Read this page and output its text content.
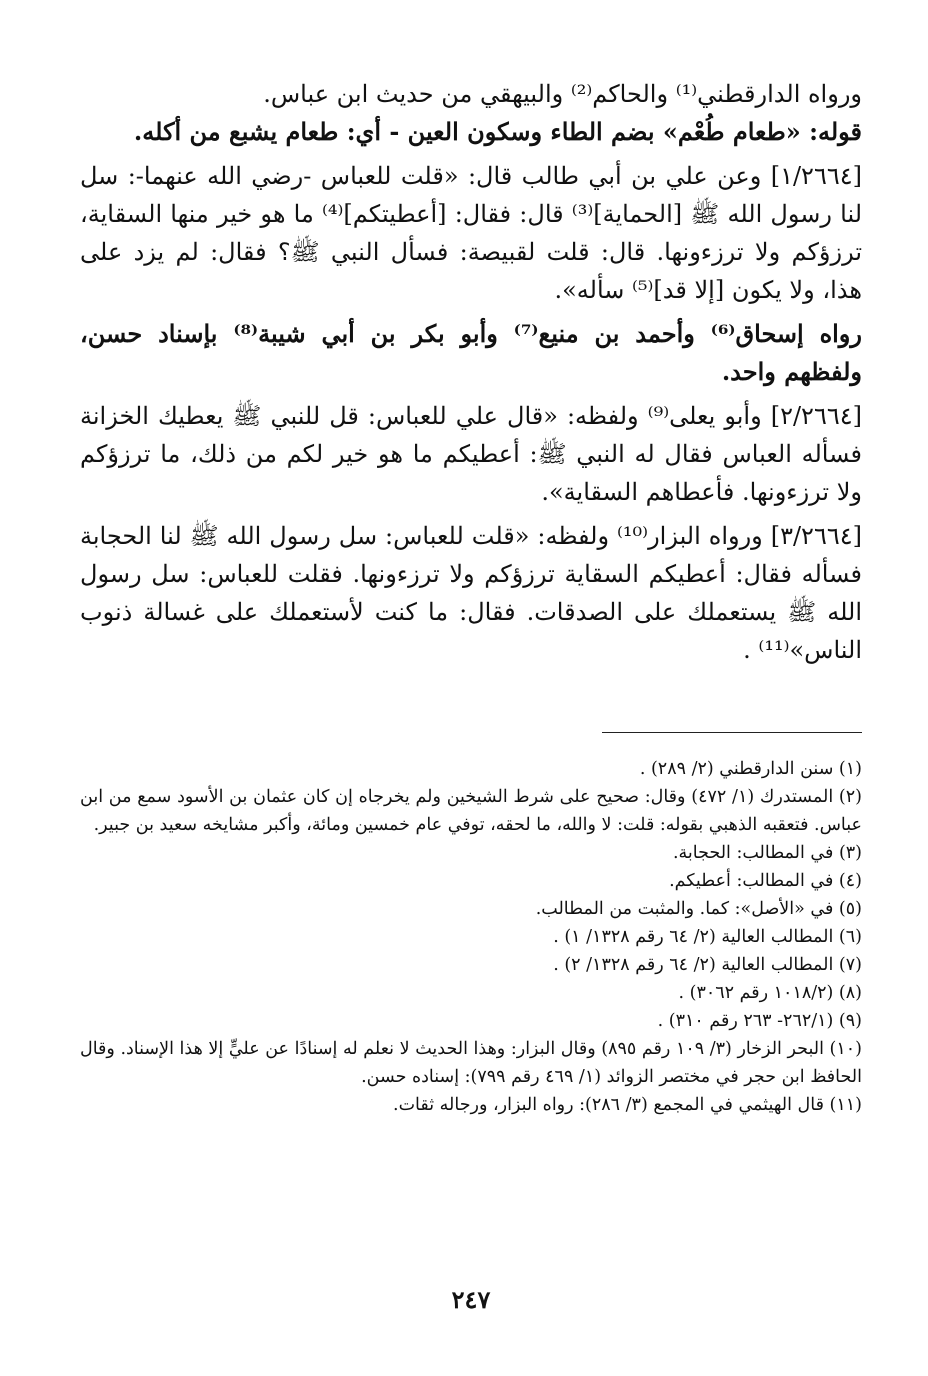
ورواه الدارقطني⁽¹⁾ والحاكم⁽²⁾ والبيهقي من حديث ابن عباس.

قوله: «طعام طُعْم» بضم الطاء وسكون العين - أي: طعام يشبع من أكله.

[١/٢٦٦٤] وعن علي بن أبي طالب قال: «قلت للعباس -رضي الله عنهما-: سل لنا رسول الله ﷺ [الحماية]⁽³⁾ قال: فقال: [أعطيتكم]⁽⁴⁾ ما هو خير منها السقاية، ترزؤكم ولا ترزءونها. قال: قلت لقبيصة: فسأل النبي ﷺ؟ فقال: لم يزد على هذا، ولا يكون [إلا قد]⁽⁵⁾ سأله».

رواه إسحاق⁽⁶⁾ وأحمد بن منيع⁽⁷⁾ وأبو بكر بن أبي شيبة⁽⁸⁾ بإسناد حسن، ولفظهم واحد.

[٢/٢٦٦٤] وأبو يعلى⁽⁹⁾ ولفظه: «قال علي للعباس: قل للنبي ﷺ يعطيك الخزانة فسأله العباس فقال له النبي ﷺ: أعطيكم ما هو خير لكم من ذلك، ما ترزؤكم ولا ترزءونها. فأعطاهم السقاية».

[٣/٢٦٦٤] ورواه البزار⁽¹⁰⁾ ولفظه: «قلت للعباس: سل رسول الله ﷺ لنا الحجابة فسأله فقال: أعطيكم السقاية ترزؤكم ولا ترزءونها. فقلت للعباس: سل رسول الله ﷺ يستعملك على الصدقات. فقال: ما كنت لأستعملك على غسالة ذنوب الناس»⁽¹¹⁾ .

(١) سنن الدارقطني (٢/ ٢٨٩) .

(٢) المستدرك (١/ ٤٧٢) وقال: صحيح على شرط الشيخين ولم يخرجاه إن كان عثمان بن الأسود سمع من ابن عباس. فتعقبه الذهبي بقوله: قلت: لا والله، ما لحقه، توفي عام خمسين ومائة، وأكبر مشايخه سعيد بن جبير.

(٣) في المطالب: الحجابة.

(٤) في المطالب: أعطيكم.

(٥) في «الأصل»: كما. والمثبت من المطالب.

(٦) المطالب العالية (٢/ ٦٤ رقم ١٣٢٨/ ١) .

(٧) المطالب العالية (٢/ ٦٤ رقم ١٣٢٨/ ٢) .

(٨) (١٠١٨/٢ رقم ٣٠٦٢) .

(٩) (٢٦٢/١- ٢٦٣ رقم ٣١٠) .

(١٠) البحر الزخار (٣/ ١٠٩ رقم ٨٩٥) وقال البزار: وهذا الحديث لا نعلم له إسنادًا عن عليٍّ إلا هذا الإسناد. وقال الحافظ ابن حجر في مختصر الزوائد (١/ ٤٦٩ رقم ٧٩٩): إسناده حسن.

(١١) قال الهيثمي في المجمع (٣/ ٢٨٦): رواه البزار، ورجاله ثقات.

٢٤٧
